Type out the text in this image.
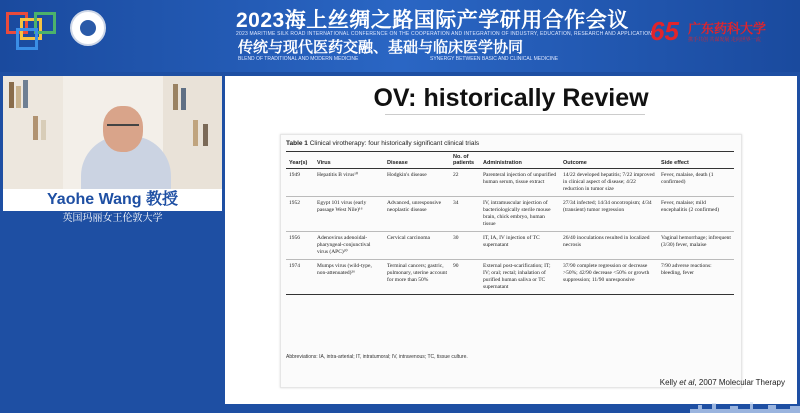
2023海上丝绸之路国际产学研用合作会议
2023 MARITIME SILK ROAD INTERNATIONAL CONFERENCE ON THE COOPERATION AND INTEGRATION OF INDUSTRY, EDUCATION, RESEARCH AND APPLICATION
传统与现代医药交融、基础与临床医学协同
BLEND OF TRADITIONAL AND MODERN MEDICINE	SYNERGY BETWEEN BASIC AND CLINICAL MEDICINE
65 广东药科大学
携手共创 共谋发展 走向世界一流
Yaohe Wang 教授
英国玛丽女王伦敦大学
OV: historically Review
Table 1 Clinical virotherapy: four historically significant clinical trials
Year(s)	Virus	Disease	No. of patients	Administration	Outcome	Side effect
1949	Hepatitis B virus¹⁰	Hodgkin's disease	22	Parenteral injection of unpurified human serum, tissue extract	14/22 developed hepatitis; 7/22 improved in clinical aspect of disease; 4/22 reduction in tumor size	Fever, malaise, death (1 confirmed)
1952	Egypt 101 virus (early passage West Nile)¹⁶	Advanced, unresponsive neoplastic disease	34	IV, intramuscular injection of bacteriologically sterile mouse brain, chick embryo, human tissue	27/34 infected; 14/34 oncotropism; 4/34 (transient) tumor regression	Fever, malaise; mild encephalitis (2 confirmed)
1956	Adenovirus adenoidal-pharyngeal-conjunctival virus (APC)²⁰	Cervical carcinoma	30	IT, IA, IV injection of TC supernatant	26/40 inoculations resulted in localized necrosis	Vaginal hemorrhage; infrequent (3/30) fever, malaise
1974	Mumps virus (wild-type, non-attenuated)²⁶	Terminal cancers; gastric, pulmonary, uterine account for more than 50%	90	External post-scarification; IT; IV; oral; rectal; inhalation of purified human saliva or TC supernatant	37/90 complete regression or decrease >50%; 42/90 decrease <50% or growth suppression; 11/90 unresponsive	7/90 adverse reactions: bleeding, fever
Abbreviations: IA, intra-arterial; IT, intratumoral; IV, intravenous; TC, tissue culture.
Kelly et al, 2007 Molecular Therapy
